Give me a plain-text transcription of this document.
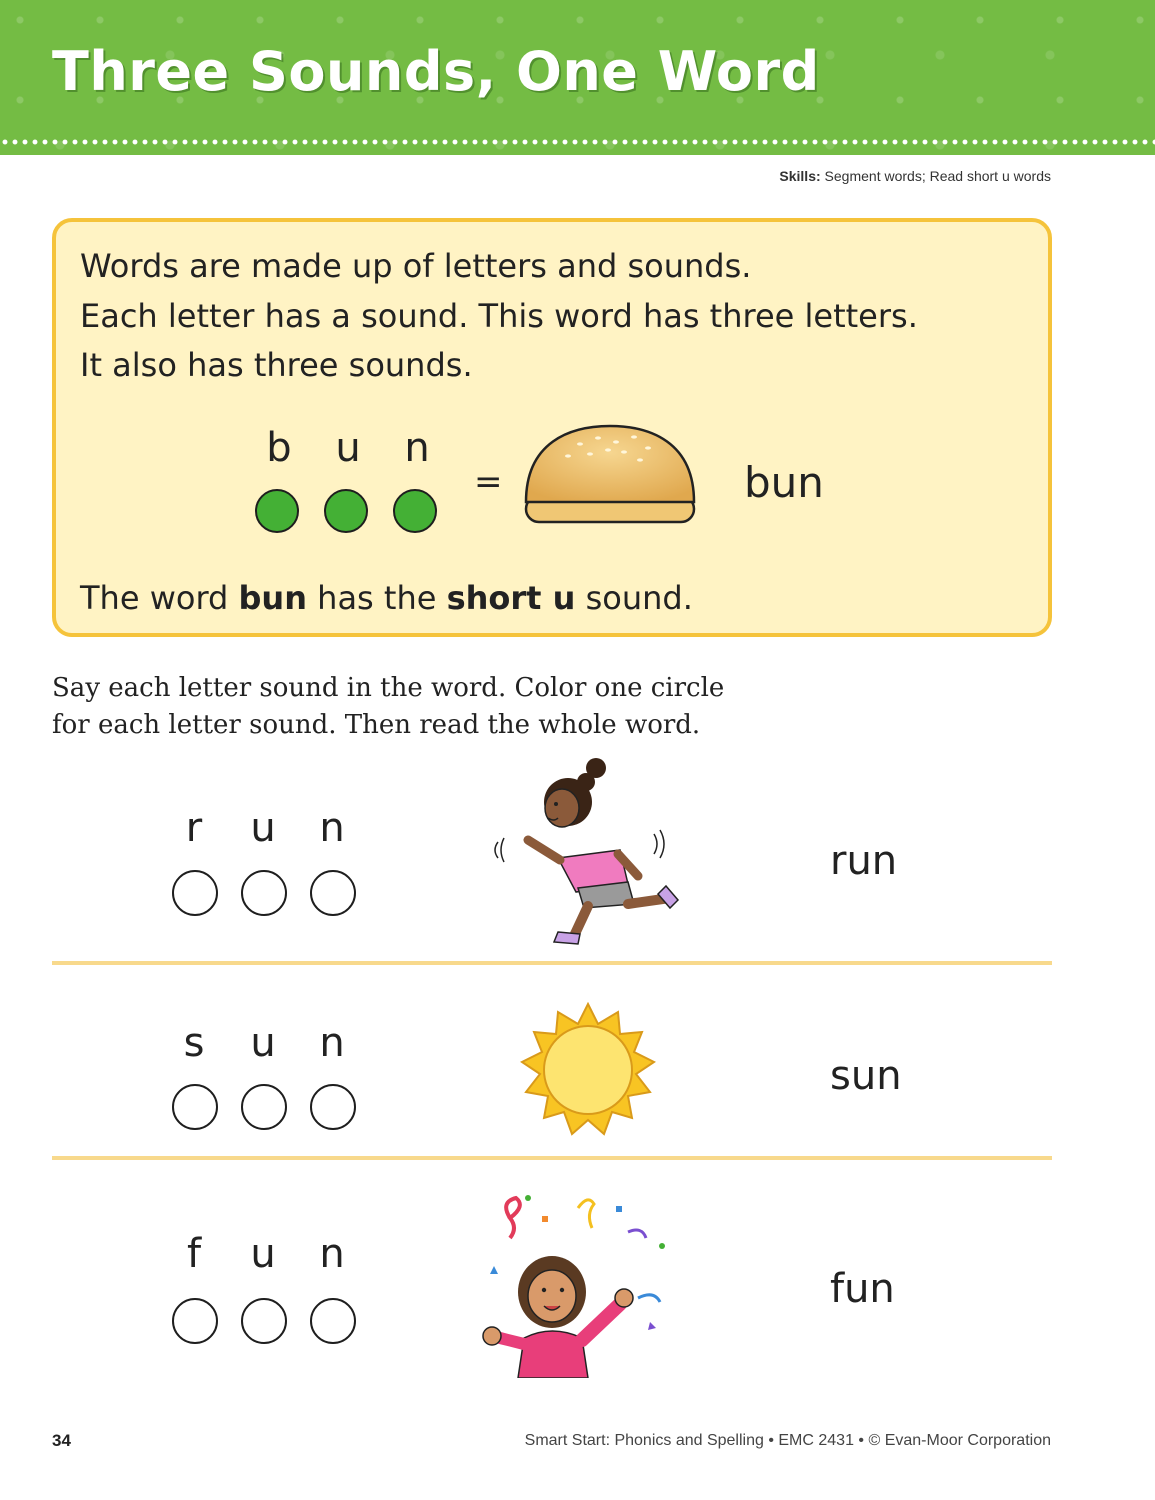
Three Sounds, One Word
Skills: Segment words; Read short u words
Words are made up of letters and sounds.
Each letter has a sound. This word has three letters.
It also has three sounds.
b	u	n
=	bun
The word bun has the short u sound.
Say each letter sound in the word. Color one circle
for each letter sound. Then read the whole word.
r	u	n
run
s	u	n
sun
f	u	n
fun
34	Smart Start: Phonics and Spelling • EMC 2431 • © Evan-Moor Corporation
